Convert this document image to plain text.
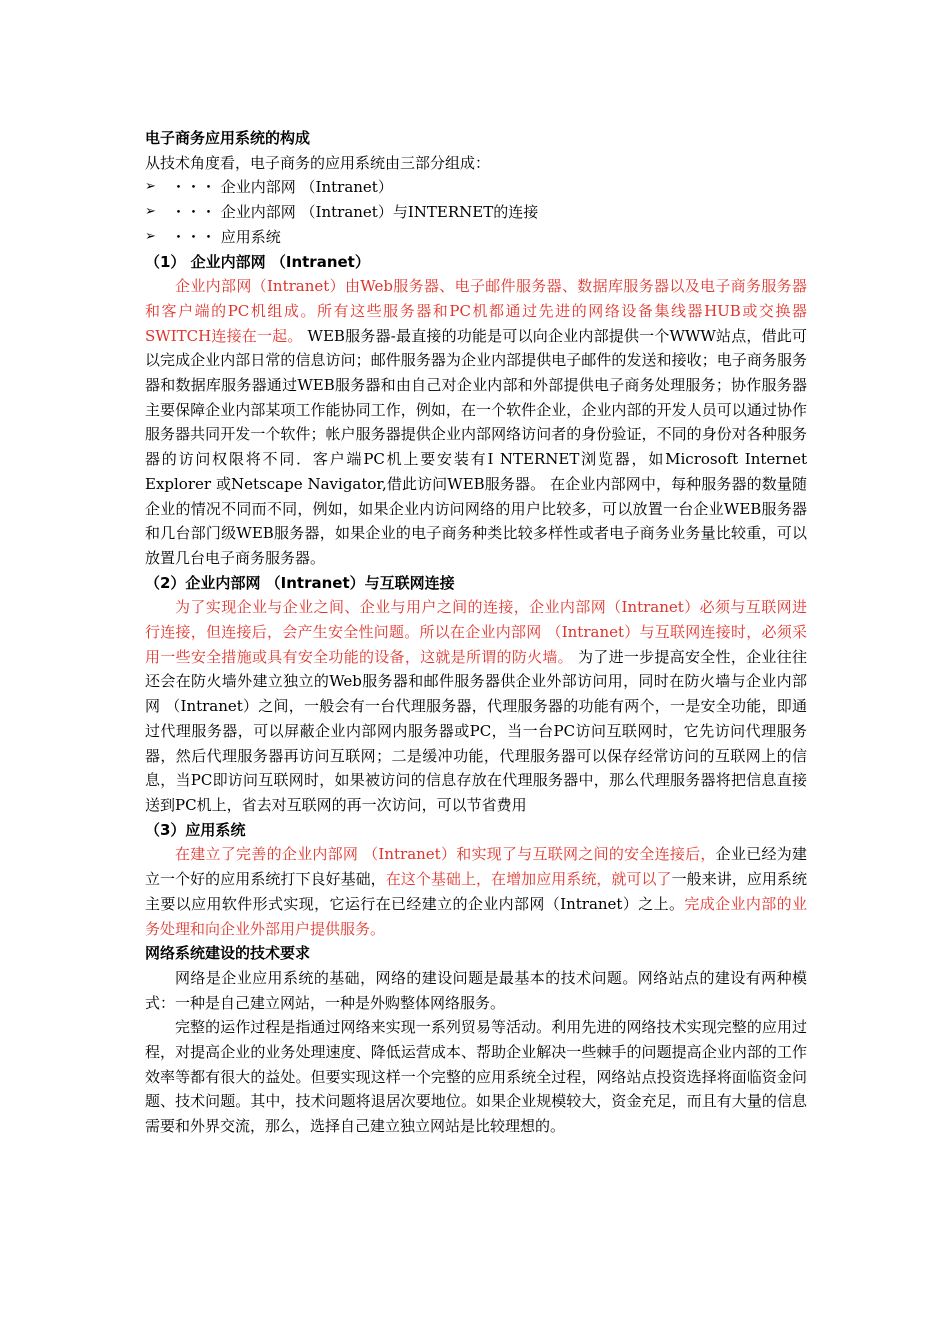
电子商务应用系统的构成

从技术角度看，电子商务的应用系统由三部分组成：

➢	・・・ 企业内部网 （Intranet）
➢	・・・ 企业内部网 （Intranet）与INTERNET的连接
➢	・・・ 应用系统

（1） 企业内部网 （Intranet）

企业内部网（Intranet）由Web服务器、电子邮件服务器、数据库服务器以及电子商务服务器和客户端的PC机组成。所有这些服务器和PC机都通过先进的网络设备集线器HUB或交换器SWITCH连接在一起。 WEB服务器-最直接的功能是可以向企业内部提供一个WWW站点，借此可以完成企业内部日常的信息访问；邮件服务器为企业内部提供电子邮件的发送和接收；电子商务服务器和数据库服务器通过WEB服务器和由自己对企业内部和外部提供电子商务处理服务；协作服务器主要保障企业内部某项工作能协同工作，例如，在一个软件企业，企业内部的开发人员可以通过协作服务器共同开发一个软件；帐户服务器提供企业内部网络访问者的身份验证，不同的身份对各种服务器的访问权限将不同．客户端PC机上要安装有I NTERNET浏览器，如Microsoft Internet Explorer 或Netscape Navigator,借此访问WEB服务器。 在企业内部网中，每种服务器的数量随企业的情况不同而不同，例如，如果企业内访问网络的用户比较多，可以放置一台企业WEB服务器和几台部门级WEB服务器，如果企业的电子商务种类比较多样性或者电子商务业务量比较重，可以放置几台电子商务服务器。

（2）企业内部网 （Intranet）与互联网连接

为了实现企业与企业之间、企业与用户之间的连接，企业内部网（Intranet）必须与互联网进行连接，但连接后，会产生安全性问题。所以在企业内部网 （Intranet）与互联网连接时，必须采用一些安全措施或具有安全功能的设备，这就是所谓的防火墙。 为了进一步提高安全性，企业往往还会在防火墙外建立独立的Web服务器和邮件服务器供企业外部访问用，同时在防火墙与企业内部网 （Intranet）之间，一般会有一台代理服务器，代理服务器的功能有两个，一是安全功能，即通过代理服务器，可以屏蔽企业内部网内服务器或PC，当一台PC访问互联网时，它先访问代理服务器，然后代理服务器再访问互联网；二是缓冲功能，代理服务器可以保存经常访问的互联网上的信息，当PC即访问互联网时，如果被访问的信息存放在代理服务器中，那么代理服务器将把信息直接送到PC机上，省去对互联网的再一次访问，可以节省费用

（3）应用系统

在建立了完善的企业内部网 （Intranet）和实现了与互联网之间的安全连接后，企业已经为建立一个好的应用系统打下良好基础，在这个基础上，在增加应用系统，就可以了一般来讲，应用系统主要以应用软件形式实现，它运行在已经建立的企业内部网（Intranet）之上。完成企业内部的业务处理和向企业外部用户提供服务。

网络系统建设的技术要求

网络是企业应用系统的基础，网络的建设问题是最基本的技术问题。网络站点的建设有两种模式：一种是自己建立网站，一种是外购整体网络服务。

完整的运作过程是指通过网络来实现一系列贸易等活动。利用先进的网络技术实现完整的应用过程，对提高企业的业务处理速度、降低运营成本、帮助企业解决一些棘手的问题提高企业内部的工作效率等都有很大的益处。但要实现这样一个完整的应用系统全过程，网络站点投资选择将面临资金问题、技术问题。其中，技术问题将退居次要地位。如果企业规模较大，资金充足，而且有大量的信息需要和外界交流，那么，选择自己建立独立网站是比较理想的。
